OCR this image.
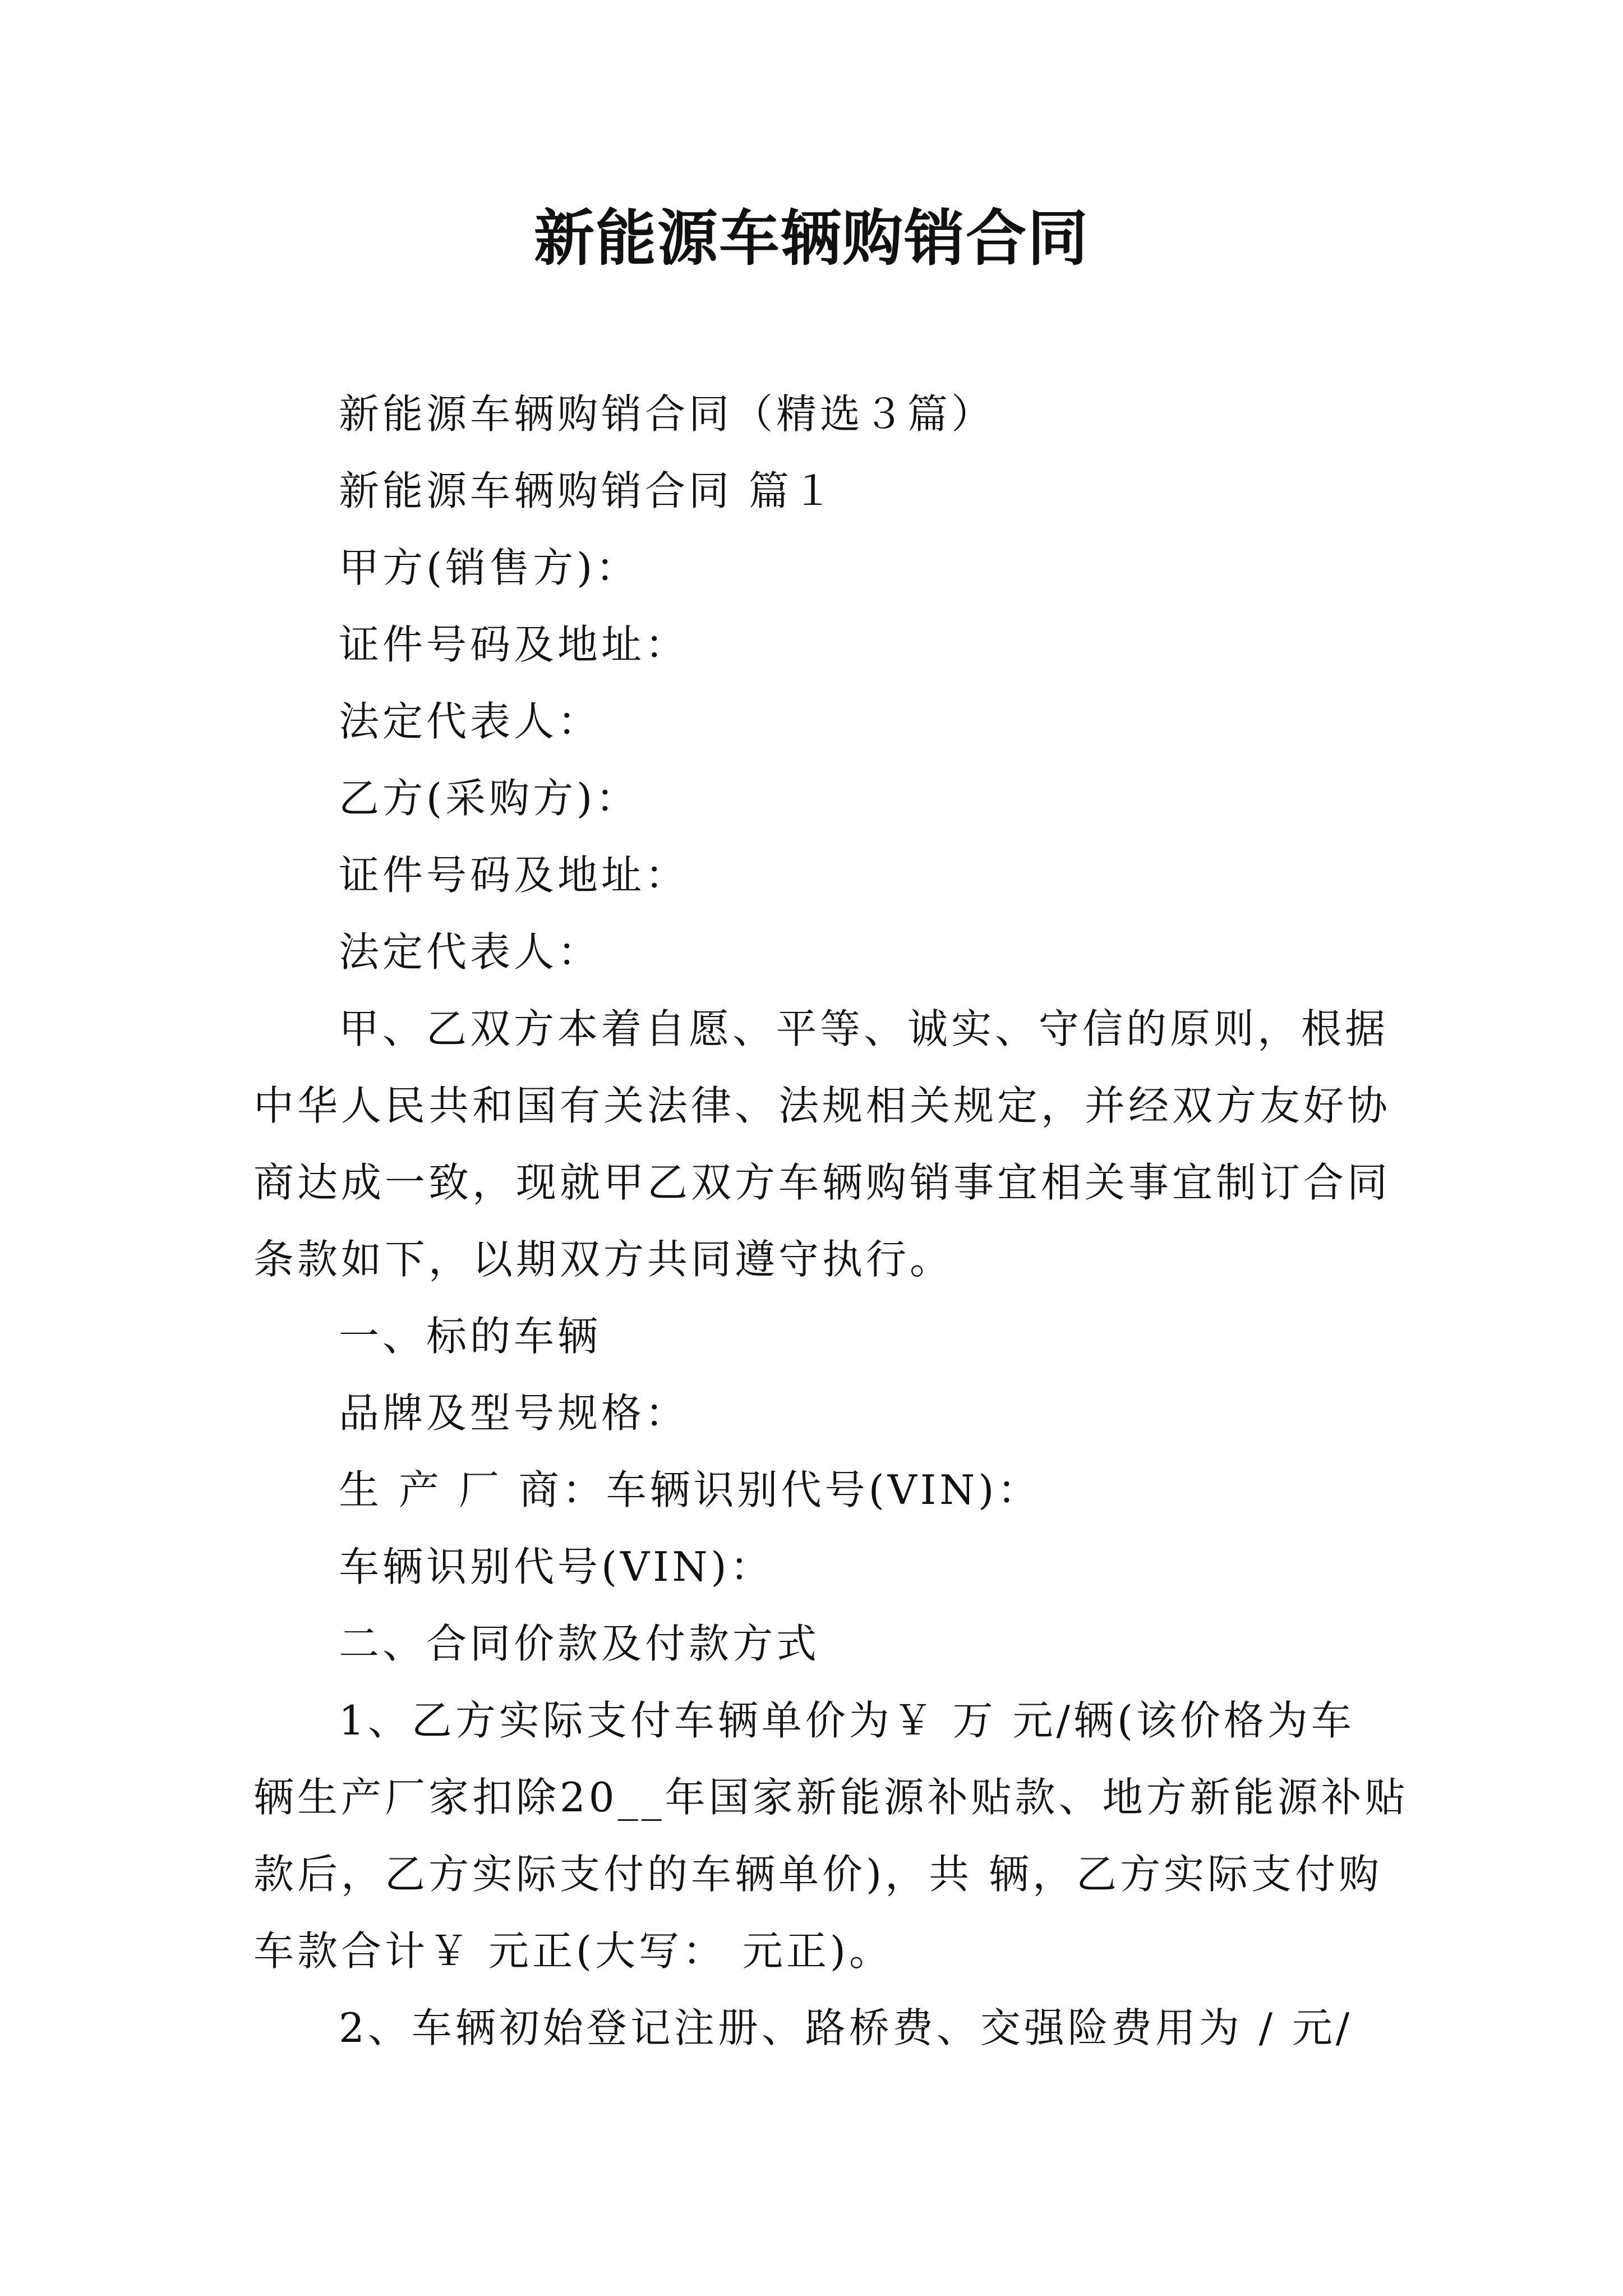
新能源车辆购销合同

新能源车辆购销合同（精选３篇）

新能源车辆购销合同 篇１

甲方(销售方)：

证件号码及地址：

法定代表人：

乙方(采购方)：

证件号码及地址：

法定代表人：

甲、乙双方本着自愿、平等、诚实、守信的原则，根据

中华人民共和国有关法律、法规相关规定，并经双方友好协

商达成一致，现就甲乙双方车辆购销事宜相关事宜制订合同

条款如下，以期双方共同遵守执行。

一、标的车辆

品牌及型号规格：

生 产 厂 商：车辆识别代号(VIN)：

车辆识别代号(VIN)：

二、合同价款及付款方式

1、乙方实际支付车辆单价为￥ 万 元/辆(该价格为车

辆生产厂家扣除20__年国家新能源补贴款、地方新能源补贴

款后，乙方实际支付的车辆单价)，共 辆，乙方实际支付购

车款合计￥ 元正(大写： 元正)。

2、车辆初始登记注册、路桥费、交强险费用为 / 元/
